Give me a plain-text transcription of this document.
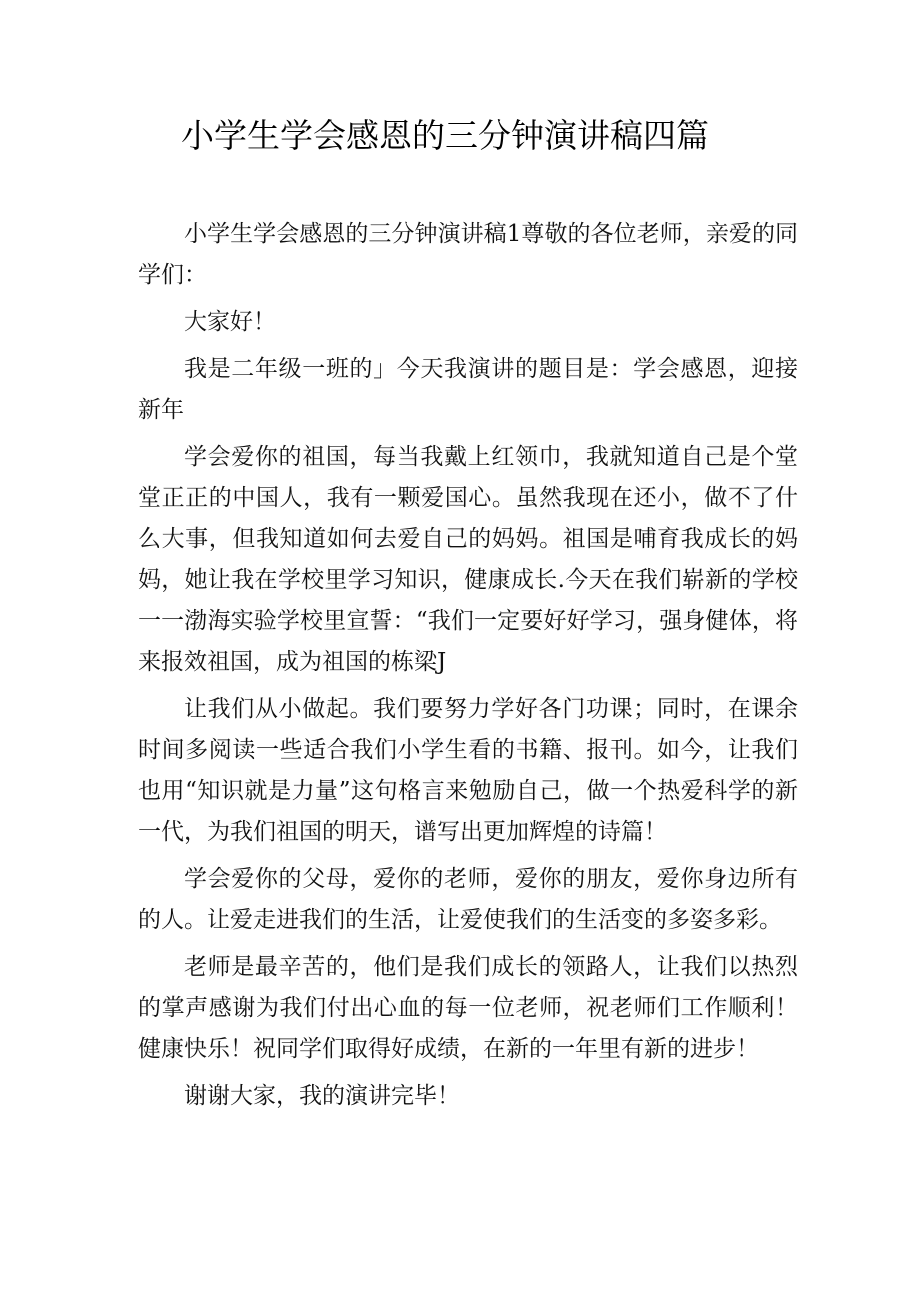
小学生学会感恩的三分钟演讲稿四篇

小学生学会感恩的三分钟演讲稿1尊敬的各位老师，亲爱的同学们：

大家好！

我是二年级一班的」今天我演讲的题目是：学会感恩，迎接新年

学会爱你的祖国，每当我戴上红领巾，我就知道自己是个堂堂正正的中国人，我有一颗爱国心。虽然我现在还小，做不了什么大事，但我知道如何去爱自己的妈妈。祖国是哺育我成长的妈妈，她让我在学校里学习知识，健康成长.今天在我们崭新的学校一一渤海实验学校里宣誓：“我们一定要好好学习，强身健体，将来报效祖国，成为祖国的栋梁J

让我们从小做起。我们要努力学好各门功课；同时，在课余时间多阅读一些适合我们小学生看的书籍、报刊。如今，让我们也用“知识就是力量”这句格言来勉励自己，做一个热爱科学的新一代，为我们祖国的明天，谱写出更加辉煌的诗篇！

学会爱你的父母，爱你的老师，爱你的朋友，爱你身边所有的人。让爱走进我们的生活，让爱使我们的生活变的多姿多彩。

老师是最辛苦的，他们是我们成长的领路人，让我们以热烈的掌声感谢为我们付出心血的每一位老师，祝老师们工作顺利！健康快乐！祝同学们取得好成绩，在新的一年里有新的进步！

谢谢大家，我的演讲完毕！
